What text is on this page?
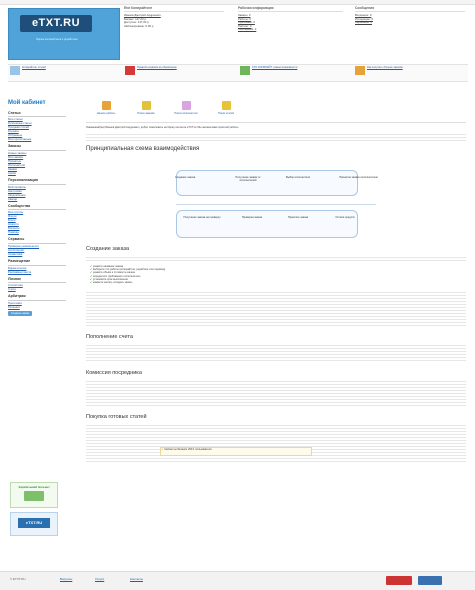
eTXT.RU
Биржа копирайтинга и рерайтинга
Etxt Копирайтинг
Иванов Дмитрий Андреевич
Баланс: 147.00 р.
Доступно: 147.00 р.
Заблокировано: 0.00 р.
Рабочая информация
Заказы: 0
Работы: 0
Претензии: 0
Рейтинг: 0
Сообщения: 0
Сообщения
Входящие: 0
Исходящие: 0
Черновики: 0
Копирайтинг статей	Правила сервиса на обновление	СТО КОПИРАЙТ: новые возможности	Как получить больше заказов
Мой кабинет
Статьи
Мои статьи
Купленные статьи
Продажа статей
Корзина
Избранное
Мои прочитанные
Заказы
Новые заказы
Мои заказы
Принятые
Исполнители
Заявки
Архив
Персонализация
Мой профиль
Настройки
Уведомления
Аватар
Сообщества
Мои группы
Форум
Блоги
Новости
Вопросы
Помощь
Сервисы
Проверка уникальности
Антиплагиат
Семантика
Размещение
Биржа ссылок
Рекламные места
Личное
Статистика
Счета
Арбитраж
Претензии
Решения
Создать заказ
Зарабатывай больше!
eTXT.RU
Начало работы	Поиск заказов	Поиск исполнителя	Поиск статей
Уважаемый(ая) Иванов Дмитрий Андреевич, добро пожаловать на биржу контента eTXT.ru! Мы желаем вам приятной работы.
Принципиальная схема взаимодействия
Создание заказа	Получение заявок от исполнителей
Выбор исполнителя	Принятие заявки исполнителем
Получение заказа на проверку	Проверка заказа	Принятие заказа	Оплата средств
Создание заказа
✔ укажите название заказа
✔ выберите тип работы (копирайтинг, рерайтинг или перевод)
✔ укажите объём и стоимость заказа
✔ определите требования к исполнителю
✔ установите срок выполнения
✔ нажмите кнопку «Создать заказ»
Пополнение счета
Комиссия посредника
Покупка готовых статей
⚠ Сейчас на балансе 200.1 пользователя
© ETXT.RU	Вопросы	Услуги	Контакты
